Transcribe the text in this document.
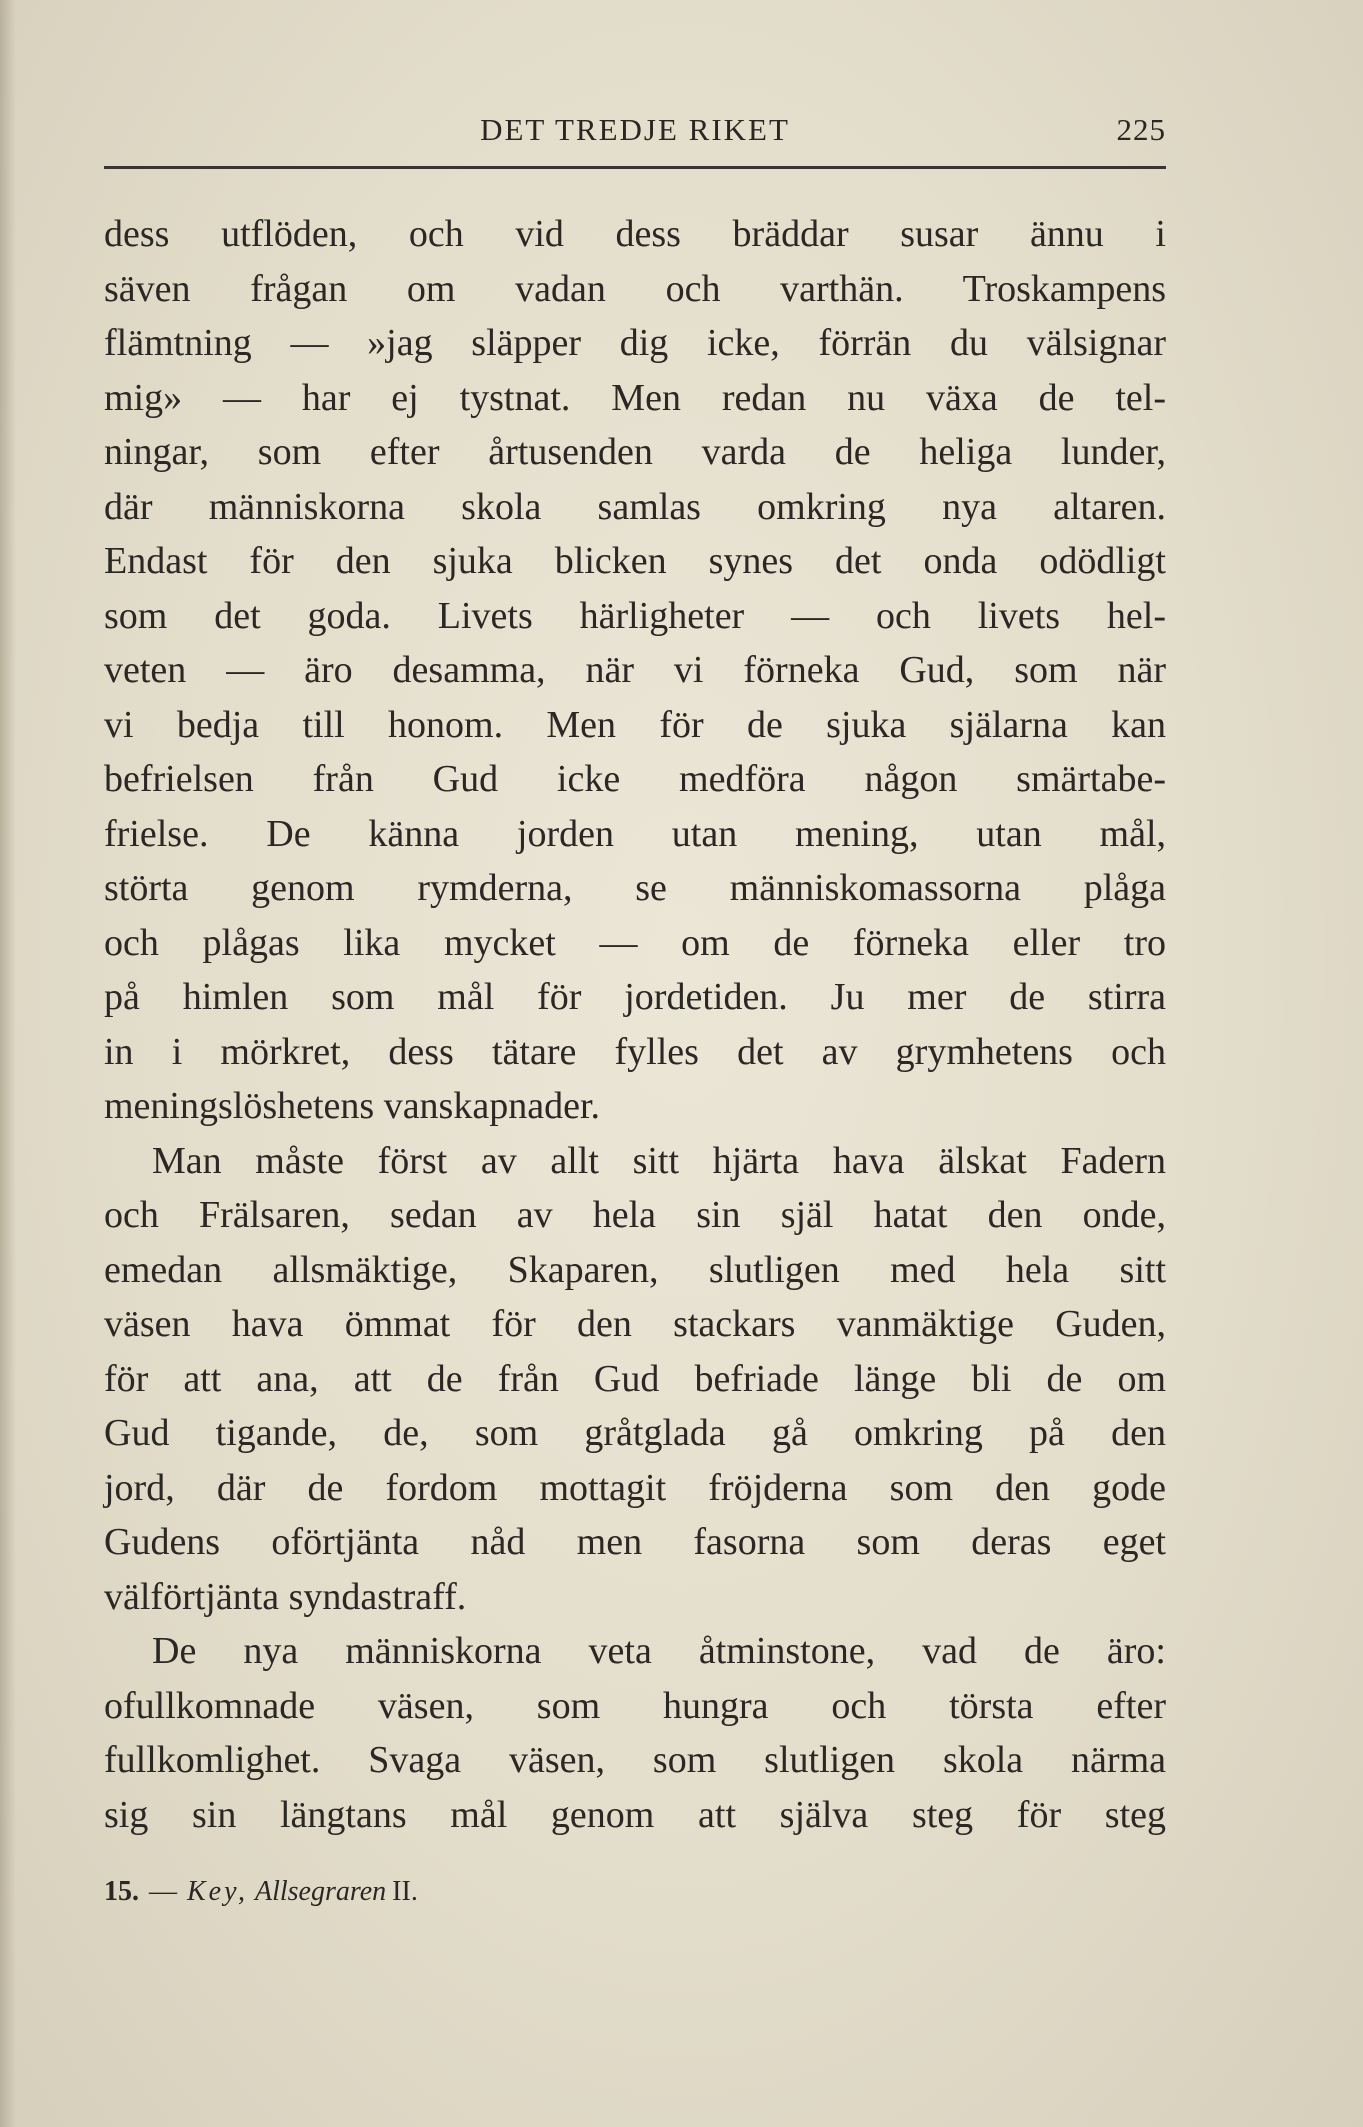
DET TREDJE RIKET	225
dess utflöden, och vid dess bräddar susar ännu i
säven frågan om vadan och varthän. Troskampens
flämtning — »jag släpper dig icke, förrän du välsignar
mig» — har ej tystnat. Men redan nu växa de tel-
ningar, som efter årtusenden varda de heliga lunder,
där människorna skola samlas omkring nya altaren.
Endast för den sjuka blicken synes det onda odödligt
som det goda. Livets härligheter — och livets hel-
veten — äro desamma, när vi förneka Gud, som när
vi bedja till honom. Men för de sjuka själarna kan
befrielsen från Gud icke medföra någon smärtabe-
frielse. De känna jorden utan mening, utan mål,
störta genom rymderna, se människomassorna plåga
och plågas lika mycket — om de förneka eller tro
på himlen som mål för jordetiden. Ju mer de stirra
in i mörkret, dess tätare fylles det av grymhetens och
meningslöshetens vanskapnader.
Man måste först av allt sitt hjärta hava älskat Fadern
och Frälsaren, sedan av hela sin själ hatat den onde,
emedan allsmäktige, Skaparen, slutligen med hela sitt
väsen hava ömmat för den stackars vanmäktige Guden,
för att ana, att de från Gud befriade länge bli de om
Gud tigande, de, som gråtglada gå omkring på den
jord, där de fordom mottagit fröjderna som den gode
Gudens oförtjänta nåd men fasorna som deras eget
välförtjänta syndastraff.
De nya människorna veta åtminstone, vad de äro:
ofullkomnade väsen, som hungra och törsta efter
fullkomlighet. Svaga väsen, som slutligen skola närma
sig sin längtans mål genom att själva steg för steg
15. — Key, Allsegraren II.
